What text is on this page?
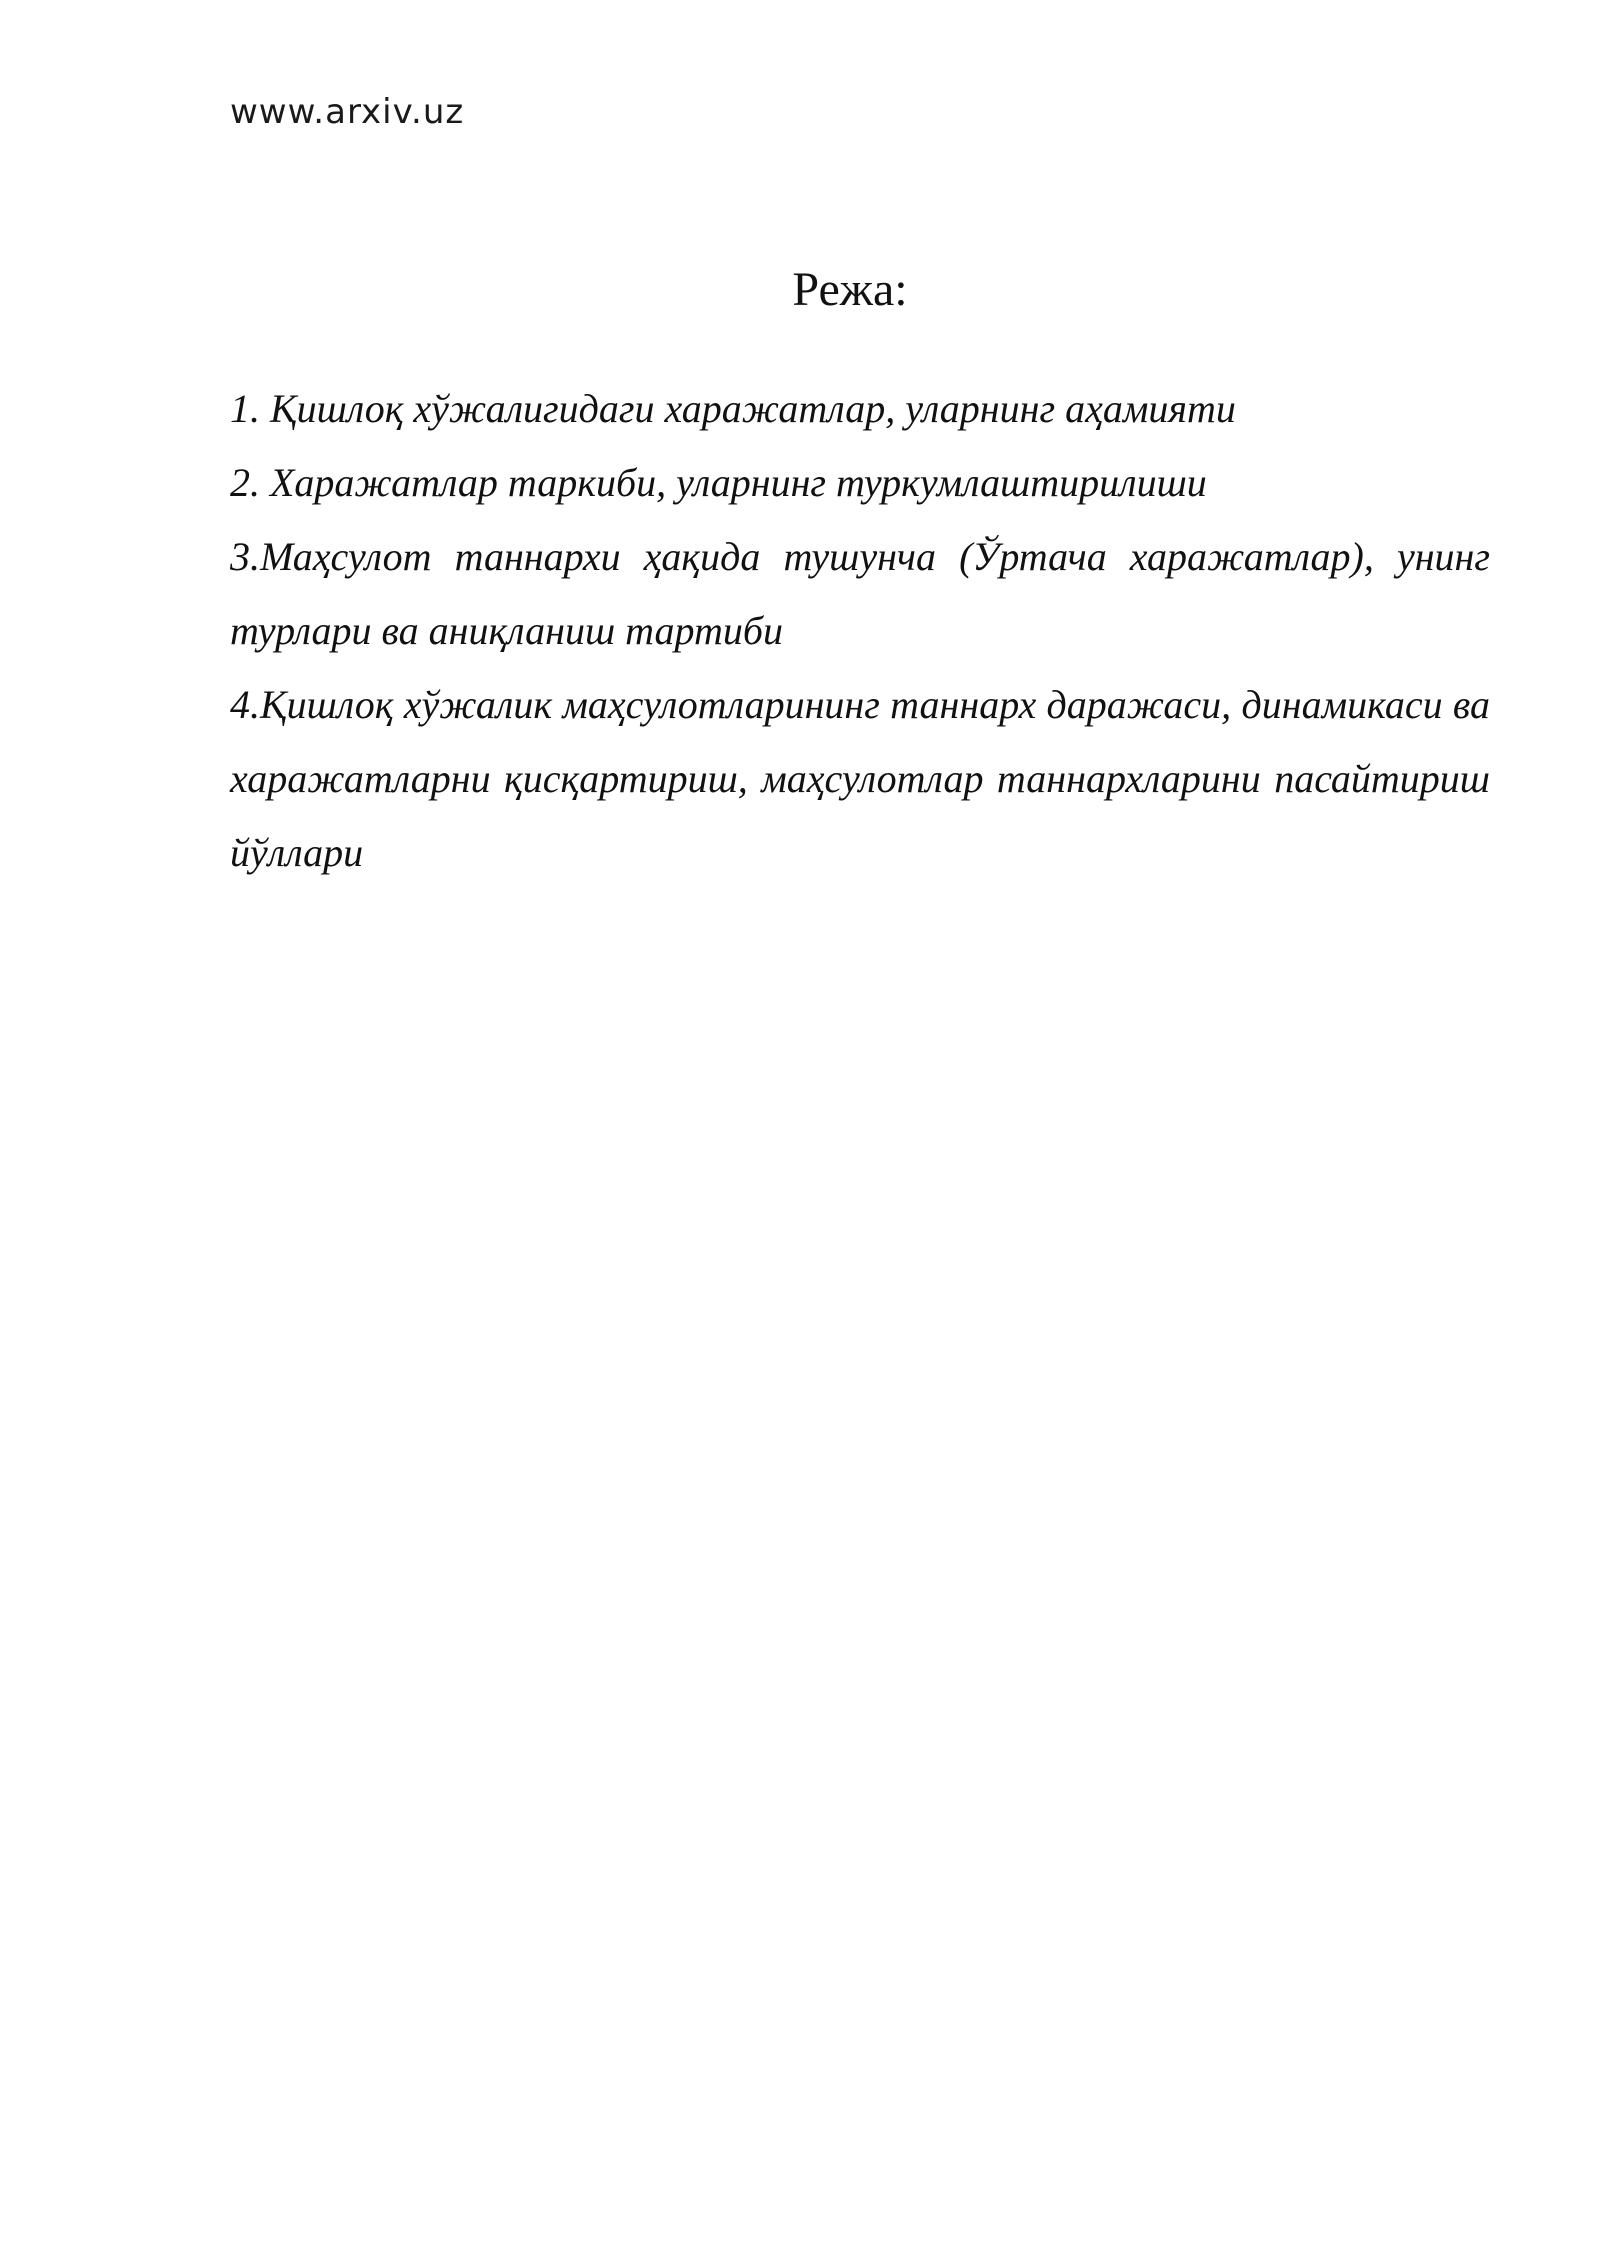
www.arxiv.uz
Режа:
1. Қишлоқ хўжалигидаги харажатлар, уларнинг аҳамияти
2. Харажатлар таркиби, уларнинг туркумлаштирилиши
3.Маҳсулот таннархи ҳақида тушунча (Ўртача харажатлар), унинг турлари ва аниқланиш тартиби
4.Қишлоқ хўжалик маҳсулотларининг таннарх даражаси, динамикаси ва харажатларни қисқартириш, маҳсулотлар таннархларини пасайтириш йўллари
